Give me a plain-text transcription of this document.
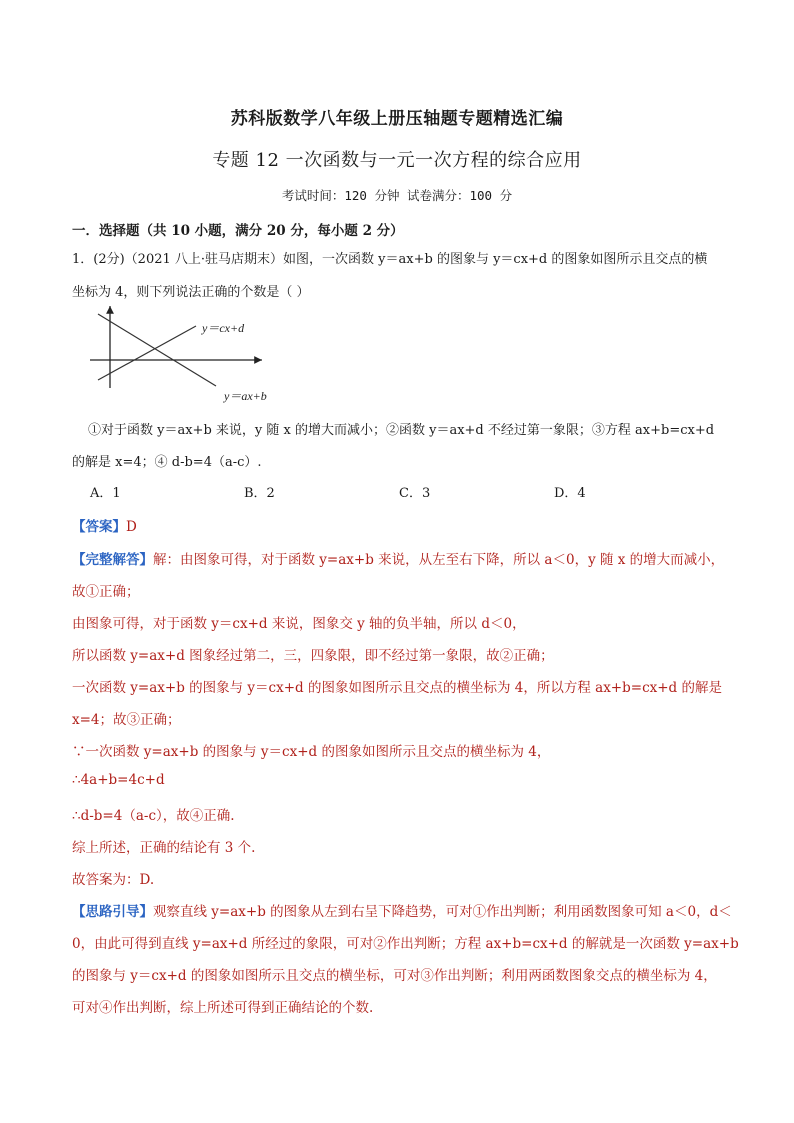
苏科版数学八年级上册压轴题专题精选汇编
专题 12 一次函数与一元一次方程的综合应用
考试时间：120 分钟 试卷满分：100 分
一．选择题（共 10 小题，满分 20 分，每小题 2 分）
1．(2分)（2021 八上·驻马店期末）如图，一次函数 y＝ax+b 的图象与 y＝cx+d 的图象如图所示且交点的横
坐标为 4，则下列说法正确的个数是（ ）
y＝cx+d
y＝ax+b
①对于函数 y＝ax+b 来说，y 随 x 的增大而减小；②函数 y＝ax+d 不经过第一象限；③方程 ax+b=cx+d
的解是 x=4；④ d-b=4（a-c）.
A．1	B．2	C．3	D．4
【答案】D
【完整解答】解：由图象可得，对于函数 y=ax+b 来说，从左至右下降，所以 a＜0，y 随 x 的增大而减小，
故①正确；
由图象可得，对于函数 y＝cx+d 来说，图象交 y 轴的负半轴，所以 d＜0，
所以函数 y=ax+d 图象经过第二，三，四象限，即不经过第一象限，故②正确；
一次函数 y=ax+b 的图象与 y＝cx+d 的图象如图所示且交点的横坐标为 4，所以方程 ax+b=cx+d 的解是
x=4；故③正确；
∵一次函数 y=ax+b 的图象与 y＝cx+d 的图象如图所示且交点的横坐标为 4，
∴4a+b=4c+d
∴d-b=4（a-c），故④正确.
综上所述，正确的结论有 3 个.
故答案为：D.
【思路引导】观察直线 y=ax+b 的图象从左到右呈下降趋势，可对①作出判断；利用函数图象可知 a＜0，d＜
0，由此可得到直线 y=ax+d 所经过的象限，可对②作出判断；方程 ax+b=cx+d 的解就是一次函数 y=ax+b
的图象与 y＝cx+d 的图象如图所示且交点的横坐标，可对③作出判断；利用两函数图象交点的横坐标为 4，
可对④作出判断，综上所述可得到正确结论的个数.
